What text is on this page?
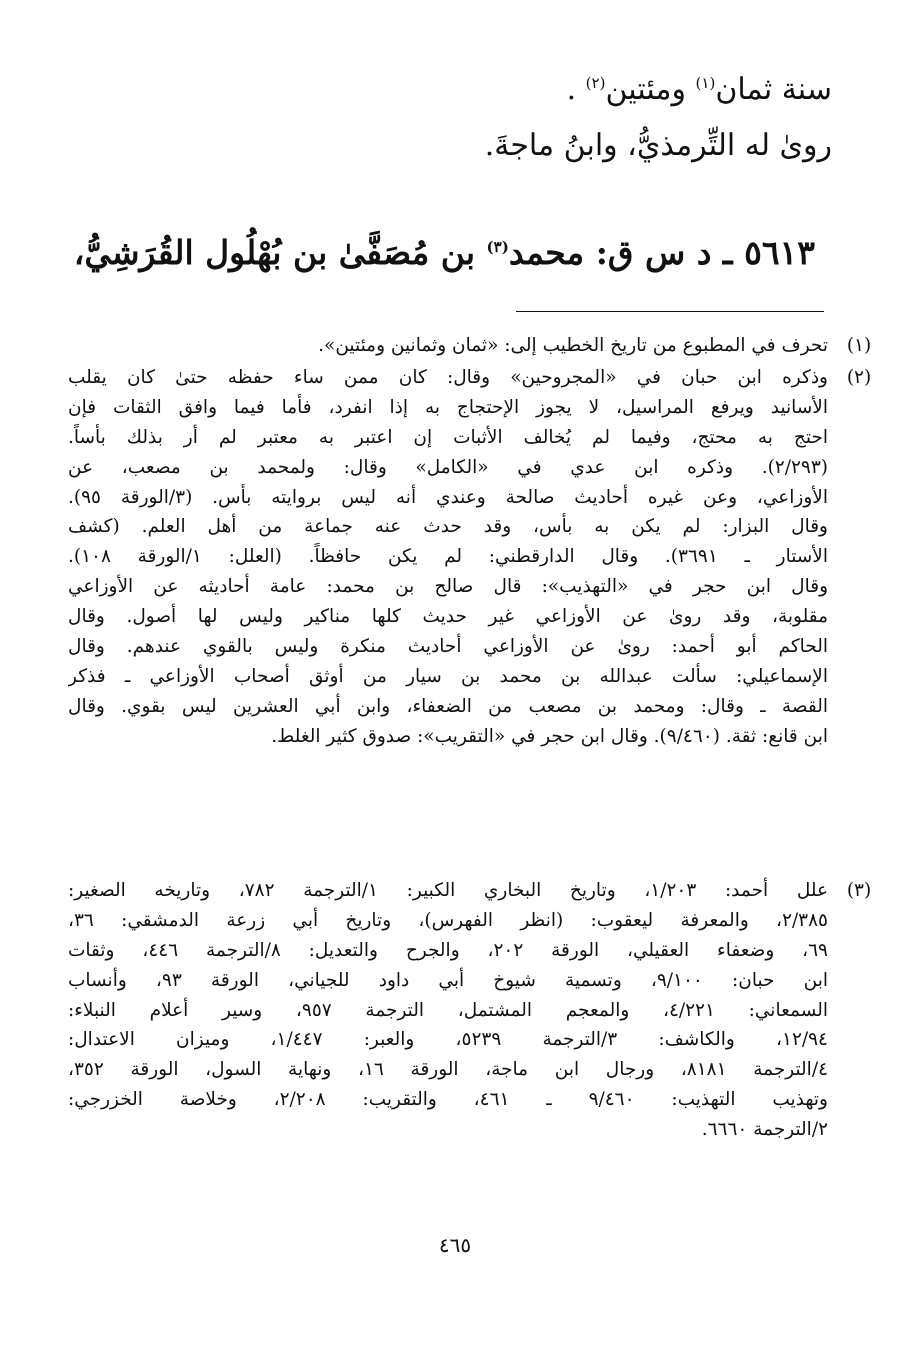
سنة ثمان$^{(١)}$ ومئتين$^{(٢)}$ .
روىٰ له التِّرمذيُّ، وابنُ ماجةَ.
٥٦١٣ ـ د س ق: محمد$^{(٣)}$ بن مُصَفَّىٰ بن بُهْلُول القُرَشِيُّ،
(١)
تحرف في المطبوع من تاريخ الخطيب إلى: «ثمان وثمانين ومئتين».
(٢)
وذكره ابن حبان في «المجروحين» وقال: كان ممن ساء حفظه حتىٰ كان يقلب
الأسانيد ويرفع المراسيل، لا يجوز الإحتجاج به إذا انفرد، فأما فيما وافق الثقات فإن
احتج به محتج، وفيما لم يُخالف الأثبات إن اعتبر به معتبر لم أر بذلك بأساً.
(٢/٢٩٣). وذكره ابن عدي في «الكامل» وقال: ولمحمد بن مصعب، عن
الأوزاعي، وعن غيره أحاديث صالحة وعندي أنه ليس بروايته بأس. (٣/الورقة ٩٥).
وقال البزار: لم يكن به بأس، وقد حدث عنه جماعة من أهل العلم. (كشف
الأستار ـ ٣٦٩١). وقال الدارقطني: لم يكن حافظاً. (العلل: ١/الورقة ١٠٨).
وقال ابن حجر في «التهذيب»: قال صالح بن محمد: عامة أحاديثه عن الأوزاعي
مقلوبة، وقد روىٰ عن الأوزاعي غير حديث كلها مناكير وليس لها أصول. وقال
الحاكم أبو أحمد: روىٰ عن الأوزاعي أحاديث منكرة وليس بالقوي عندهم. وقال
الإسماعيلي: سألت عبدالله بن محمد بن سيار من أوثق أصحاب الأوزاعي ـ فذكر
القصة ـ وقال: ومحمد بن مصعب من الضعفاء، وابن أبي العشرين ليس بقوي. وقال
ابن قانع: ثقة. (٩/٤٦٠). وقال ابن حجر في «التقريب»: صدوق كثير الغلط.
(٣)
علل أحمد: ١/٢٠٣، وتاريخ البخاري الكبير: ١/الترجمة ٧٨٢، وتاريخه الصغير:
٢/٣٨٥، والمعرفة ليعقوب: (انظر الفهرس)، وتاريخ أبي زرعة الدمشقي: ٣٦،
٦٩، وضعفاء العقيلي، الورقة ٢٠٢، والجرح والتعديل: ٨/الترجمة ٤٤٦، وثقات
ابن حبان: ٩/١٠٠، وتسمية شيوخ أبي داود للجياني، الورقة ٩٣، وأنساب
السمعاني: ٤/٢٢١، والمعجم المشتمل، الترجمة ٩٥٧، وسير أعلام النبلاء:
١٢/٩٤، والكاشف: ٣/الترجمة ٥٢٣٩، والعبر: ١/٤٤٧، وميزان الاعتدال:
٤/الترجمة ٨١٨١، ورجال ابن ماجة، الورقة ١٦، ونهاية السول، الورقة ٣٥٢،
وتهذيب التهذيب: ٩/٤٦٠ ـ ٤٦١، والتقريب: ٢/٢٠٨، وخلاصة الخزرجي:
٢/الترجمة ٦٦٦٠.
٤٦٥
